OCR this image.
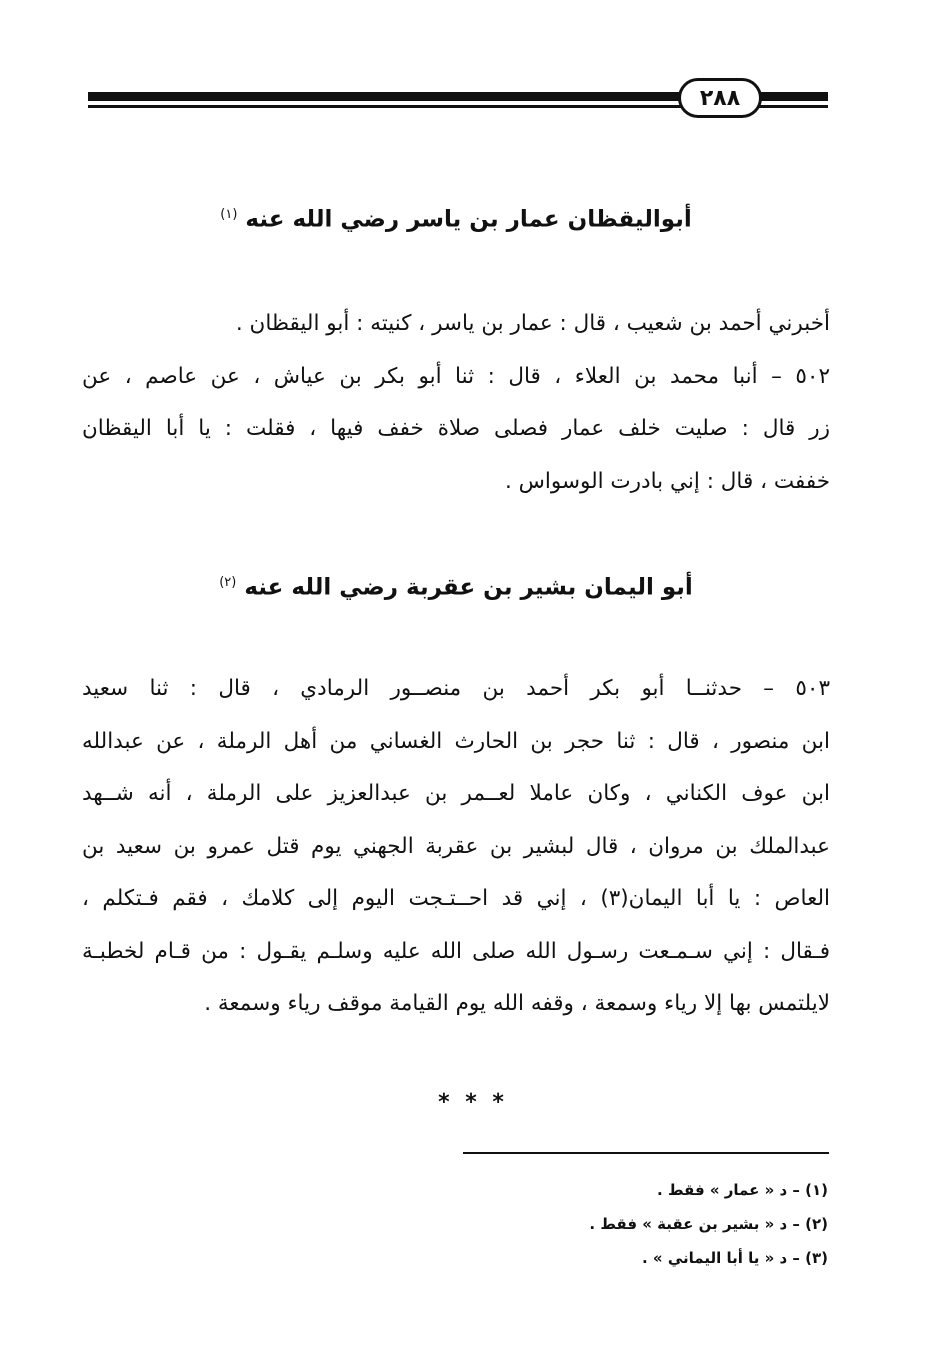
٢٨٨
أبواليقظان عمار بن ياسر رضي الله عنه $^{(١)}$
أخبرني أحمد بن شعيب ، قال : عمار بن ياسر ، كنيته : أبو اليقظان .
٥٠٢ – أنبا محمد بن العلاء ، قال : ثنا أبو بكر بن عياش ، عن عاصم ، عن
زر قال : صليت خلف عمار فصلى صلاة خفف فيها ، فقلت : يا أبا اليقظان
خففت ، قال : إني بادرت الوسواس .
أبو اليمان بشير بن عقربة رضي الله عنه $^{(٢)}$
٥٠٣ – حدثنــا أبو بكر أحمد بن منصــور الرمادي ، قال : ثنا سعيد
ابن منصور ، قال : ثنا حجر بن الحارث الغساني من أهل الرملة ، عن عبدالله
ابن عوف الكناني ، وكان عاملا لعــمر بن عبدالعزيز على الرملة ، أنه شــهد
عبدالملك بن مروان ، قال لبشير بن عقربة الجهني يوم قتل عمرو بن سعيد بن
العاص : يا أبا اليمان(٣) ، إني قد احــتـجت اليوم إلى كلامك ، فقم فـتكلم ،
فـقال : إني سـمـعت رسـول الله صلى الله عليه وسلـم يقـول : من قـام لخطبـة
لايلتمس بها إلا رياء وسمعة ، وقفه الله يوم القيامة موقف رياء وسمعة .
* * *
(١) – د « عمار » فقط .
(٢) – د « بشير بن عقبة » فقط .
(٣) – د « يا أبا اليماني » .
